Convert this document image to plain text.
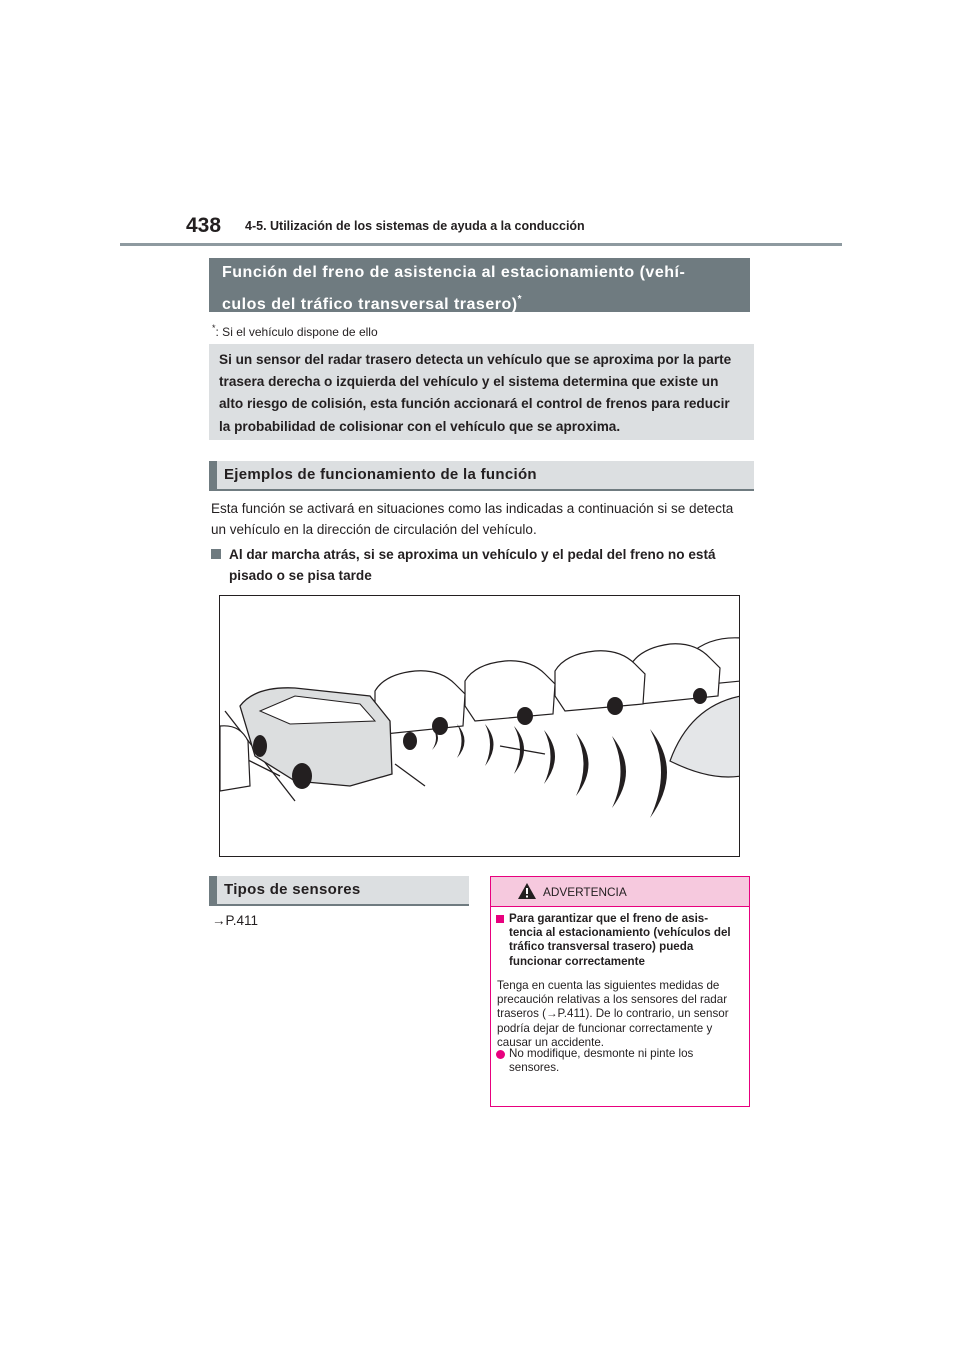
438 4-5. Utilización de los sistemas de ayuda a la conducción
Función del freno de asistencia al estacionamiento (vehí-
culos del tráfico transversal trasero)*
*: Si el vehículo dispone de ello
Si un sensor del radar trasero detecta un vehículo que se aproxima por la parte trasera derecha o izquierda del vehículo y el sistema determina que existe un alto riesgo de colisión, esta función accionará el control de frenos para reducir la probabilidad de colisionar con el vehículo que se aproxima.
Ejemplos de funcionamiento de la función
Esta función se activará en situaciones como las indicadas a continuación si se detecta un vehículo en la dirección de circulación del vehículo.
Al dar marcha atrás, si se aproxima un vehículo y el pedal del freno no está pisado o se pisa tarde
Tipos de sensores
→P.411
ADVERTENCIA
Para garantizar que el freno de asis-tencia al estacionamiento (vehículos del tráfico transversal trasero) pueda funcionar correctamente
Tenga en cuenta las siguientes medidas de precaución relativas a los sensores del radar traseros (→P.411). De lo contrario, un sensor podría dejar de funcionar correctamente y causar un accidente.
No modifique, desmonte ni pinte los sensores.
